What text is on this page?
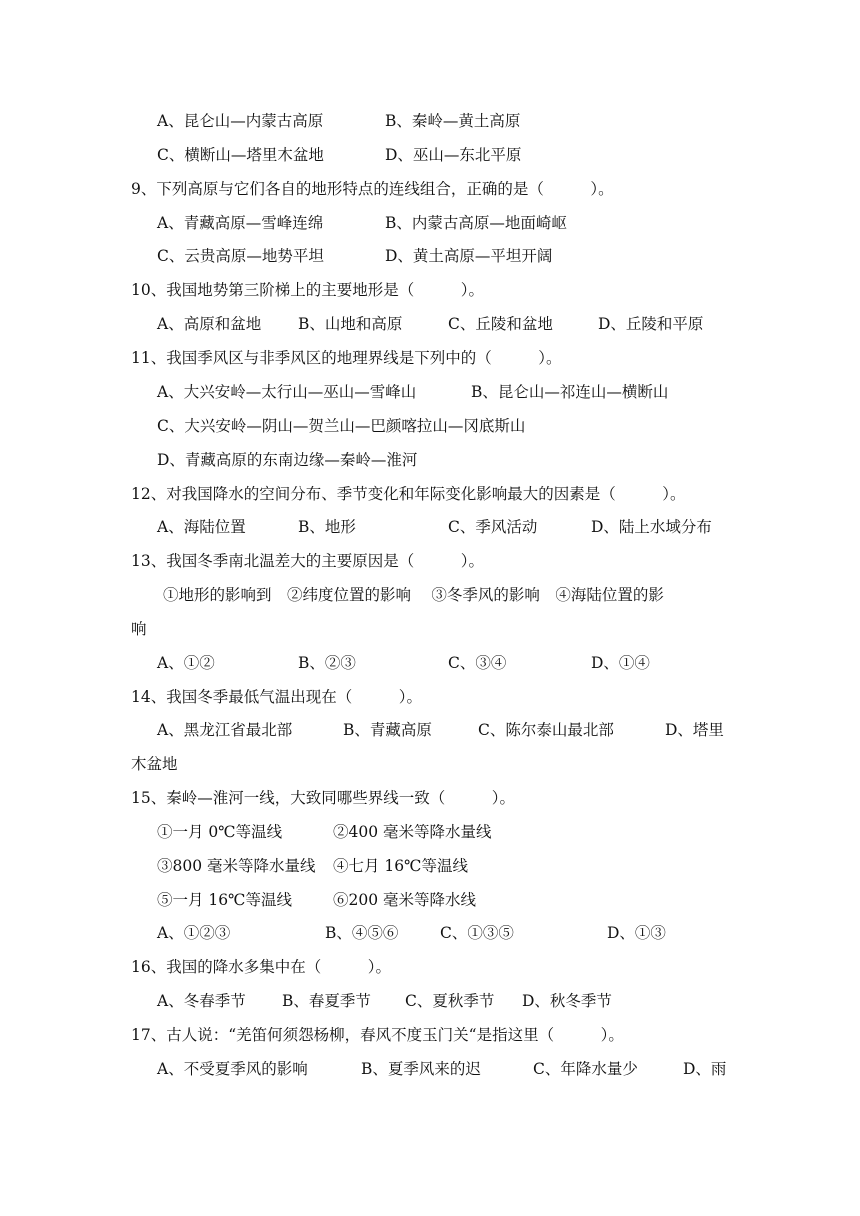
A、昆仑山—内蒙古高原

	B、秦岭—黄土高原

C、横断山—塔里木盆地

	D、巫山—东北平原

9、下列高原与它们各自的地形特点的连线组合，正确的是（　　　）。

A、青藏高原—雪峰连绵

	B、内蒙古高原—地面崎岖

C、云贵高原—地势平坦

	D、黄土高原—平坦开阔

10、我国地势第三阶梯上的主要地形是（　　　）。

A、高原和盆地

B、山地和高原

	C、丘陵和盆地

	D、丘陵和平原

11、我国季风区与非季风区的地理界线是下列中的（　　　）。

A、大兴安岭—太行山—巫山—雪峰山

	B、昆仑山—祁连山—横断山

C、大兴安岭—阴山—贺兰山—巴颜喀拉山—冈底斯山

D、青藏高原的东南边缘—秦岭—淮河

12、对我国降水的空间分布、季节变化和年际变化影响最大的因素是（　　　）。

A、海陆位置

	B、地形

	C、季风活动

	D、陆上水域分布

13、我国冬季南北温差大的主要原因是（　　　）。

①地形的影响到　②纬度位置的影响　 ③冬季风的影响　④海陆位置的影

响

A、①②

	B、②③

	C、③④

	D、①④

14、我国冬季最低气温出现在（　　　）。

A、黑龙江省最北部

	B、青藏高原

	C、陈尔泰山最北部

	D、塔里

木盆地

15、秦岭—淮河一线，大致同哪些界线一致（　　　）。

①一月 0℃等温线

	②400 毫米等降水量线

③800 毫米等降水量线

④七月 16℃等温线

⑤一月 16℃等温线

	⑥200 毫米等降水线

A、①②③

	B、④⑤⑥

	C、①③⑤

	D、①③

16、我国的降水多集中在（　　　）。

A、冬春季节

B、春夏季节

C、夏秋季节

D、秋冬季节

17、古人说：“羌笛何须怨杨柳，春风不度玉门关“是指这里（　　　）。

A、不受夏季风的影响

	B、夏季风来的迟

	C、年降水量少

	D、雨
